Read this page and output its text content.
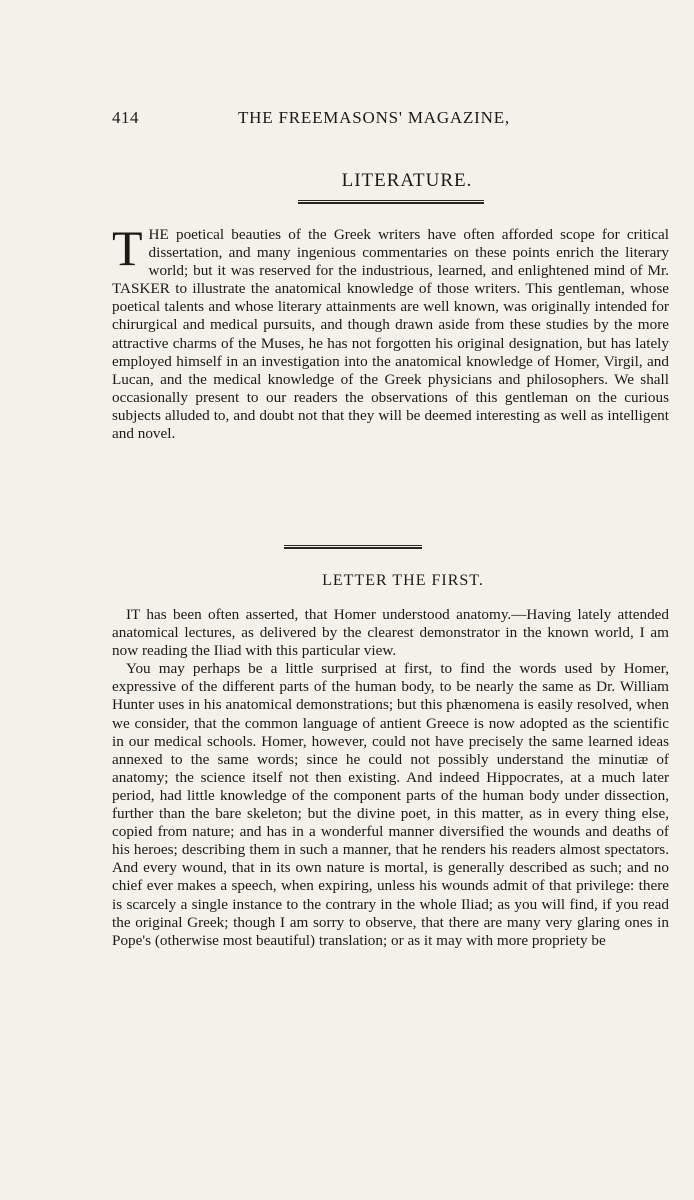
414	THE FREEMASONS' MAGAZINE,
LITERATURE.

THE poetical beauties of the Greek writers have often afforded scope for critical dissertation, and many ingenious commentaries on these points enrich the literary world; but it was reserved for the industrious, learned, and enlightened mind of Mr. TASKER to illustrate the anatomical knowledge of those writers. This gentleman, whose poetical talents and whose literary attainments are well known, was originally intended for chirurgical and medical pursuits, and though drawn aside from these studies by the more attractive charms of the Muses, he has not forgotten his original designation, but has lately employed himself in an investigation into the anatomical knowledge of Homer, Virgil, and Lucan, and the medical knowledge of the Greek physicians and philosophers. We shall occasionally present to our readers the observations of this gentleman on the curious subjects alluded to, and doubt not that they will be deemed interesting as well as intelligent and novel.

LETTER THE FIRST.

IT has been often asserted, that Homer understood anatomy.—Having lately attended anatomical lectures, as delivered by the clearest demonstrator in the known world, I am now reading the Iliad with this particular view.

You may perhaps be a little surprised at first, to find the words used by Homer, expressive of the different parts of the human body, to be nearly the same as Dr. William Hunter uses in his anatomical demonstrations; but this phænomena is easily resolved, when we consider, that the common language of antient Greece is now adopted as the scientific in our medical schools. Homer, however, could not have precisely the same learned ideas annexed to the same words; since he could not possibly understand the minutiæ of anatomy; the science itself not then existing. And indeed Hippocrates, at a much later period, had little knowledge of the component parts of the human body under dissection, further than the bare skeleton; but the divine poet, in this matter, as in every thing else, copied from nature; and has in a wonderful manner diversified the wounds and deaths of his heroes; describing them in such a manner, that he renders his readers almost spectators. And every wound, that in its own nature is mortal, is generally described as such; and no chief ever makes a speech, when expiring, unless his wounds admit of that privilege: there is scarcely a single instance to the contrary in the whole Iliad; as you will find, if you read the original Greek; though I am sorry to observe, that there are many very glaring ones in Pope's (otherwise most beautiful) translation; or as it may with more propriety be
